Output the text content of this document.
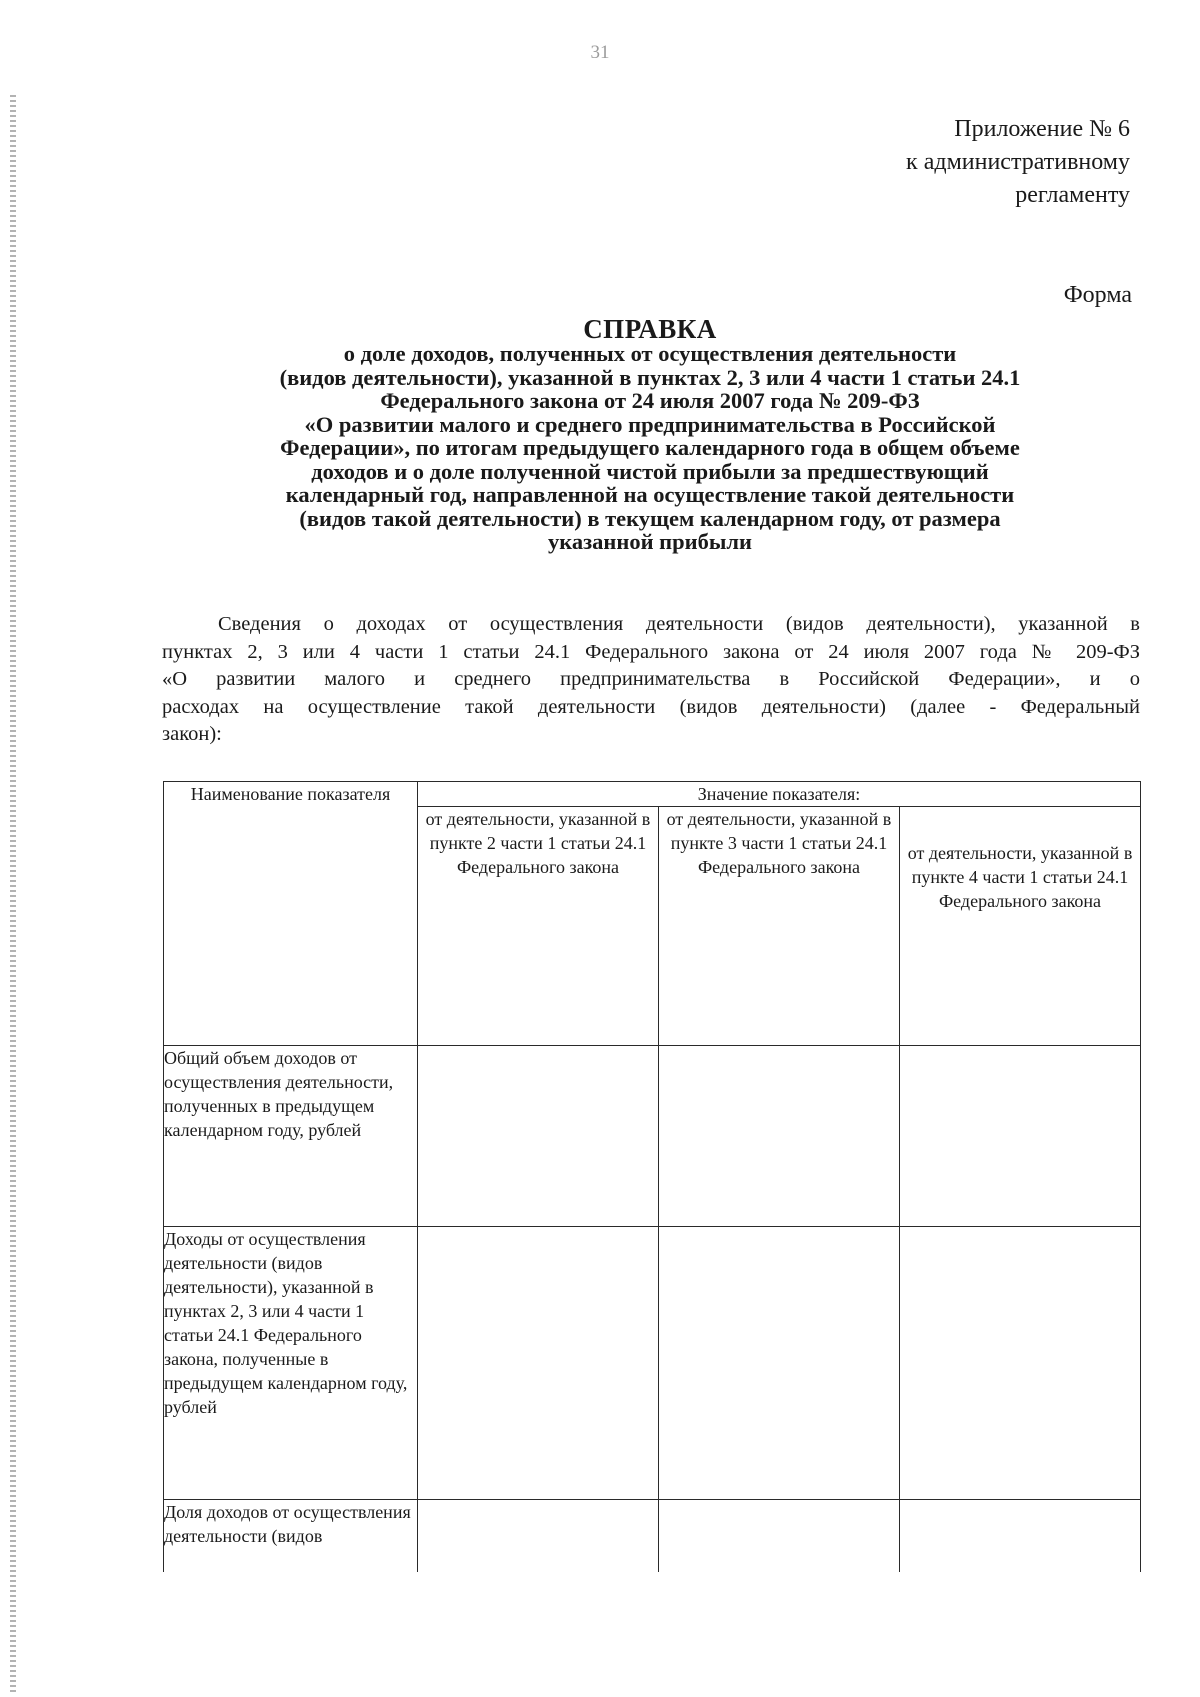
31
Приложение № 6
к административному
регламенту
Форма
СПРАВКА
о доле доходов, полученных от осуществления деятельности
(видов деятельности), указанной в пунктах 2, 3 или 4 части 1 статьи 24.1
Федерального закона от 24 июля 2007 года № 209-ФЗ
«О развитии малого и среднего предпринимательства в Российской
Федерации», по итогам предыдущего календарного года в общем объеме
доходов и о доле полученной чистой прибыли за предшествующий
календарный год, направленной на осуществление такой деятельности
(видов такой деятельности) в текущем календарном году, от размера
указанной прибыли
Сведения о доходах от осуществления деятельности (видов деятельности), указанной в
пунктах 2, 3 или 4 части 1 статьи 24.1 Федерального закона от 24 июля 2007 года № 209-ФЗ
«О развитии малого и среднего предпринимательства в Российской Федерации», и о
расходах на осуществление такой деятельности (видов деятельности) (далее - Федеральный
закон):
Наименование показателя	Значение показателя:		
	от деятельности, указанной в пункте 2 части 1 статьи 24.1 Федерального закона	от деятельности, указанной в пункте 3 части 1 статьи 24.1 Федерального закона	от деятельности, указанной в пункте 4 части 1 статьи 24.1 Федерального закона
Общий объем доходов от осуществления деятельности, полученных в предыдущем календарном году, рублей			
Доходы от осуществления деятельности (видов деятельности), указанной в пунктах 2, 3 или 4 части 1 статьи 24.1 Федерального закона, полученные в предыдущем календарном году, рублей			

Доля доходов от осуществления деятельности (видов			
